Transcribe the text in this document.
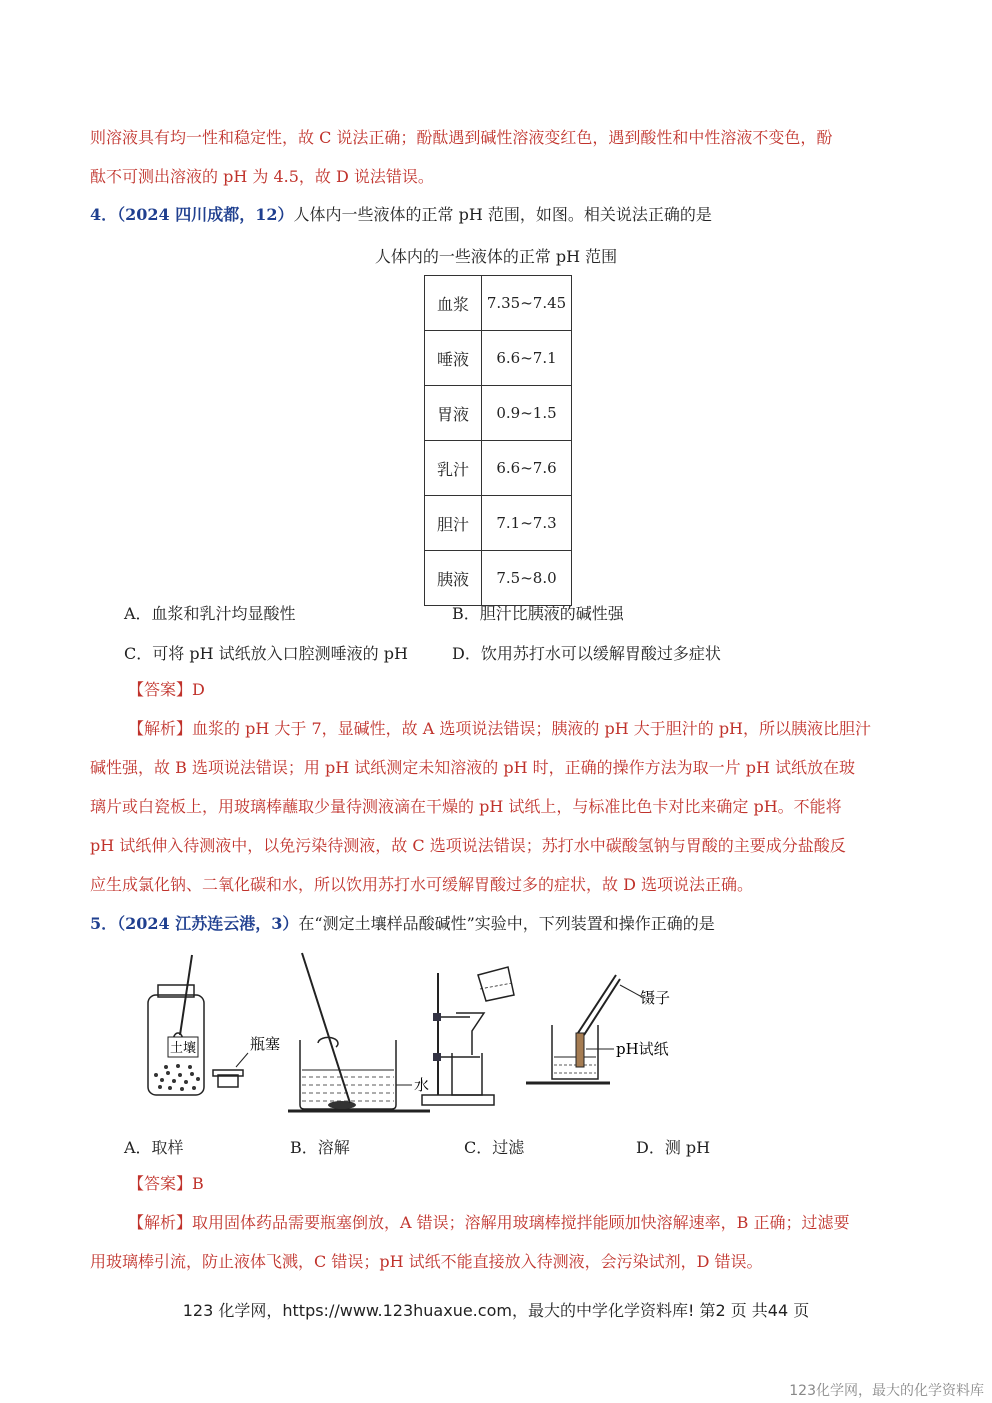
则溶液具有均一性和稳定性，故 C 说法正确；酚酞遇到碱性溶液变红色，遇到酸性和中性溶液不变色，酚
酞不可测出溶液的 pH 为 4.5，故 D 说法错误。
4．（2024 四川成都，12）人体内一些液体的正常 pH 范围，如图。相关说法正确的是
人体内的一些液体的正常 pH 范围
血浆	7.35~7.45
唾液	6.6~7.1
胃液	0.9~1.5
乳汁	6.6~7.6
胆汁	7.1~7.3
胰液	7.5~8.0
A．血浆和乳汁均显酸性	B．胆汁比胰液的碱性强
C．可将 pH 试纸放入口腔测唾液的 pH	D．饮用苏打水可以缓解胃酸过多症状
【答案】D
【解析】血浆的 pH 大于 7，显碱性，故 A 选项说法错误；胰液的 pH 大于胆汁的 pH，所以胰液比胆汁
碱性强，故 B 选项说法错误；用 pH 试纸测定未知溶液的 pH 时，正确的操作方法为取一片 pH 试纸放在玻
璃片或白瓷板上，用玻璃棒蘸取少量待测液滴在干燥的 pH 试纸上，与标准比色卡对比来确定 pH。不能将
pH 试纸伸入待测液中，以免污染待测液，故 C 选项说法错误；苏打水中碳酸氢钠与胃酸的主要成分盐酸反
应生成氯化钠、二氧化碳和水，所以饮用苏打水可缓解胃酸过多的症状，故 D 选项说法正确。
5．（2024 江苏连云港，3）在“测定土壤样品酸碱性”实验中，下列装置和操作正确的是
土壤	瓶塞
水
镊子
pH试纸
A．取样	B．溶解	C．过滤	D．测 pH
【答案】B
【解析】取用固体药品需要瓶塞倒放，A 错误；溶解用玻璃棒搅拌能顾加快溶解速率，B 正确；过滤要
用玻璃棒引流，防止液体飞溅，C 错误；pH 试纸不能直接放入待测液，会污染试剂，D 错误。
123 化学网，https://www.123huaxue.com，最大的中学化学资料库! 第2 页 共44 页
123化学网，最大的化学资料库
